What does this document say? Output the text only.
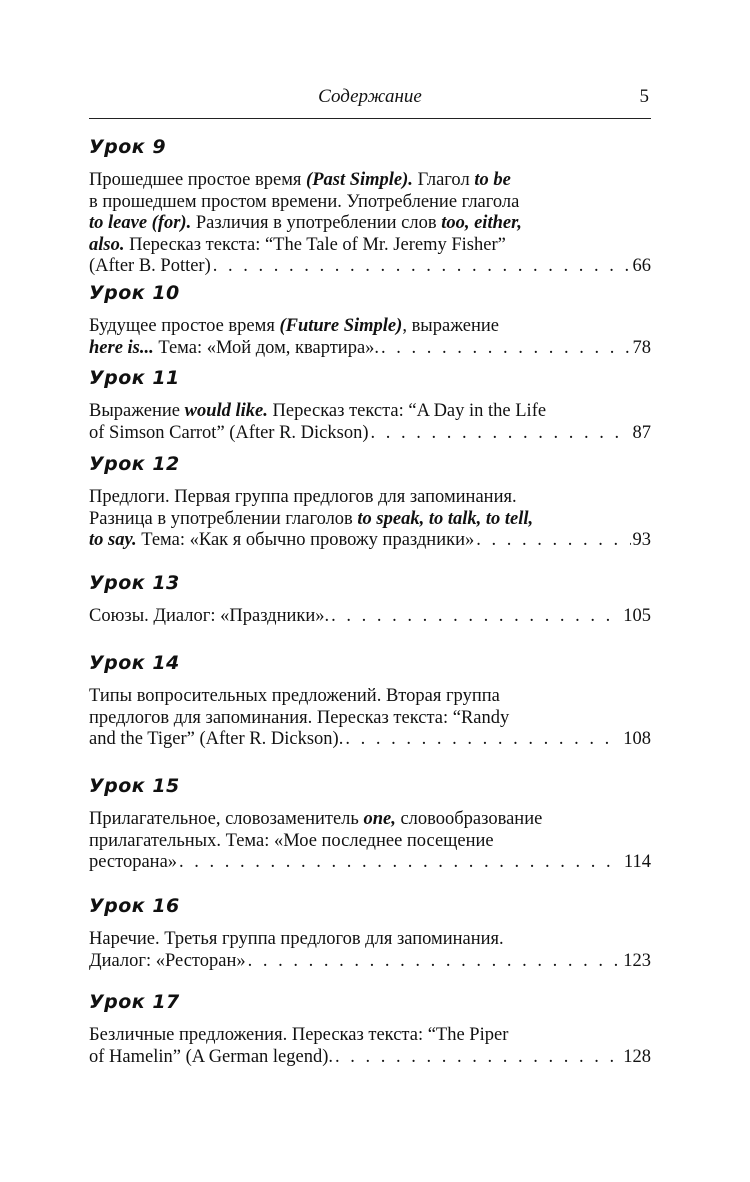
Содержание	5
Урок 9
Прошедшее простое время (Past Simple). Глагол to be
в прошедшем простом времени. Употребление глагола
to leave (for). Различия в употреблении слов too, either,
also. Пересказ текста: “The Tale of Mr. Jeremy Fisher”
(After B. Potter) . . .	66
Урок 10
Будущее простое время (Future Simple), выражение
here is... Тема: «Мой дом, квартира». . . .	78
Урок 11
Выражение would like. Пересказ текста: “A Day in the Life
of Simson Carrot” (After R. Dickson) . . .	87
Урок 12
Предлоги. Первая группа предлогов для запоминания.
Разница в употреблении глаголов to speak, to talk, to tell,
to say. Тема: «Как я обычно провожу праздники» . . .	93
Урок 13
Союзы. Диалог: «Праздники». . . .	105
Урок 14
Типы вопросительных предложений. Вторая группа
предлогов для запоминания. Пересказ текста: “Randy
and the Tiger” (After R. Dickson). . . .	108
Урок 15
Прилагательное, словозаменитель one, словообразование
прилагательных. Тема: «Мое последнее посещение
ресторана» . . .	114
Урок 16
Наречие. Третья группа предлогов для запоминания.
Диалог: «Ресторан» . . .	123
Урок 17
Безличные предложения. Пересказ текста: “The Piper
of Hamelin” (A German legend). . . .	128
